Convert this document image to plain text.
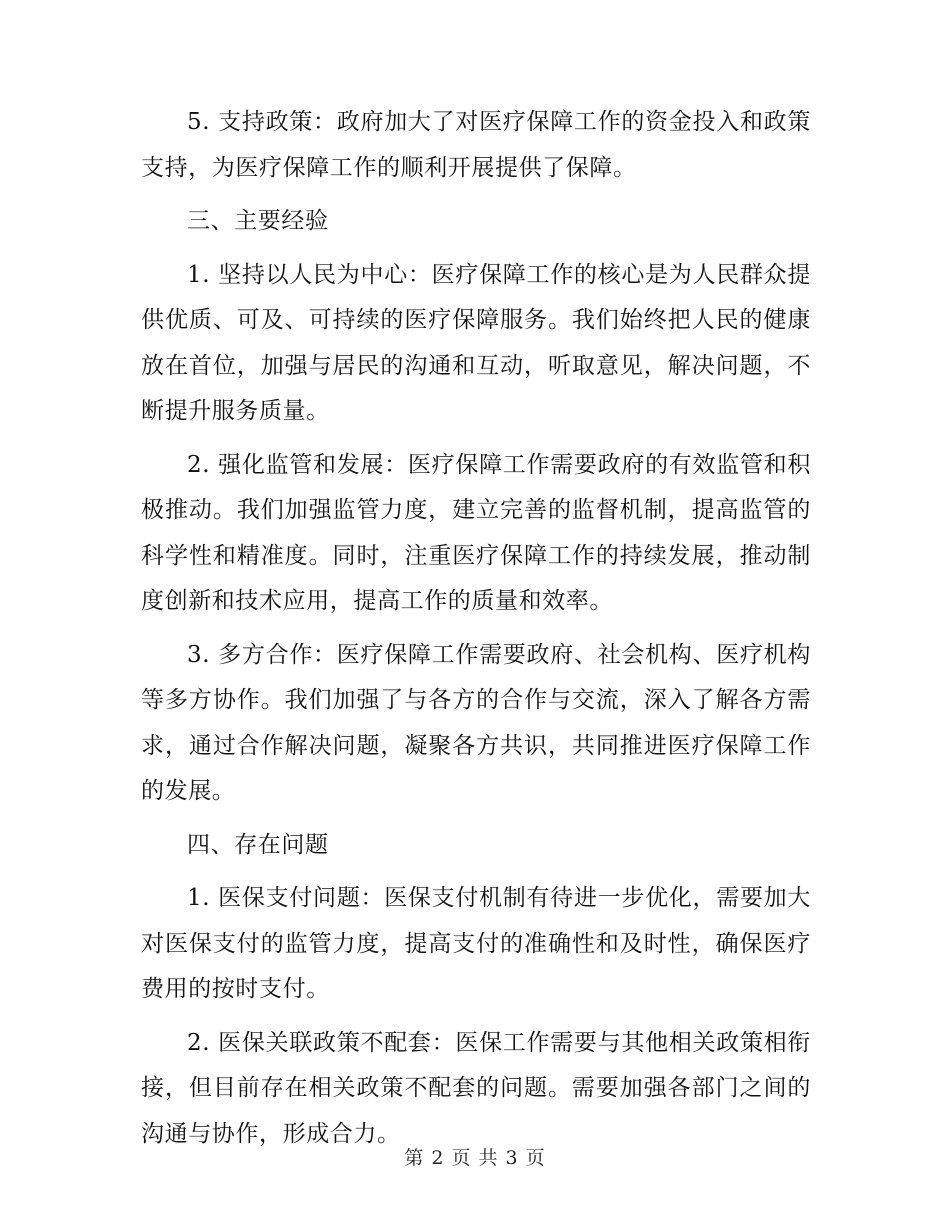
5. 支持政策：政府加大了对医疗保障工作的资金投入和政策支持，为医疗保障工作的顺利开展提供了保障。

三、主要经验

1. 坚持以人民为中心：医疗保障工作的核心是为人民群众提供优质、可及、可持续的医疗保障服务。我们始终把人民的健康放在首位，加强与居民的沟通和互动，听取意见，解决问题，不断提升服务质量。

2. 强化监管和发展：医疗保障工作需要政府的有效监管和积极推动。我们加强监管力度，建立完善的监督机制，提高监管的科学性和精准度。同时，注重医疗保障工作的持续发展，推动制度创新和技术应用，提高工作的质量和效率。

3. 多方合作：医疗保障工作需要政府、社会机构、医疗机构等多方协作。我们加强了与各方的合作与交流，深入了解各方需求，通过合作解决问题，凝聚各方共识，共同推进医疗保障工作的发展。

四、存在问题

1. 医保支付问题：医保支付机制有待进一步优化，需要加大对医保支付的监管力度，提高支付的准确性和及时性，确保医疗费用的按时支付。

2. 医保关联政策不配套：医保工作需要与其他相关政策相衔接，但目前存在相关政策不配套的问题。需要加强各部门之间的沟通与协作，形成合力。

第 2 页 共 3 页
